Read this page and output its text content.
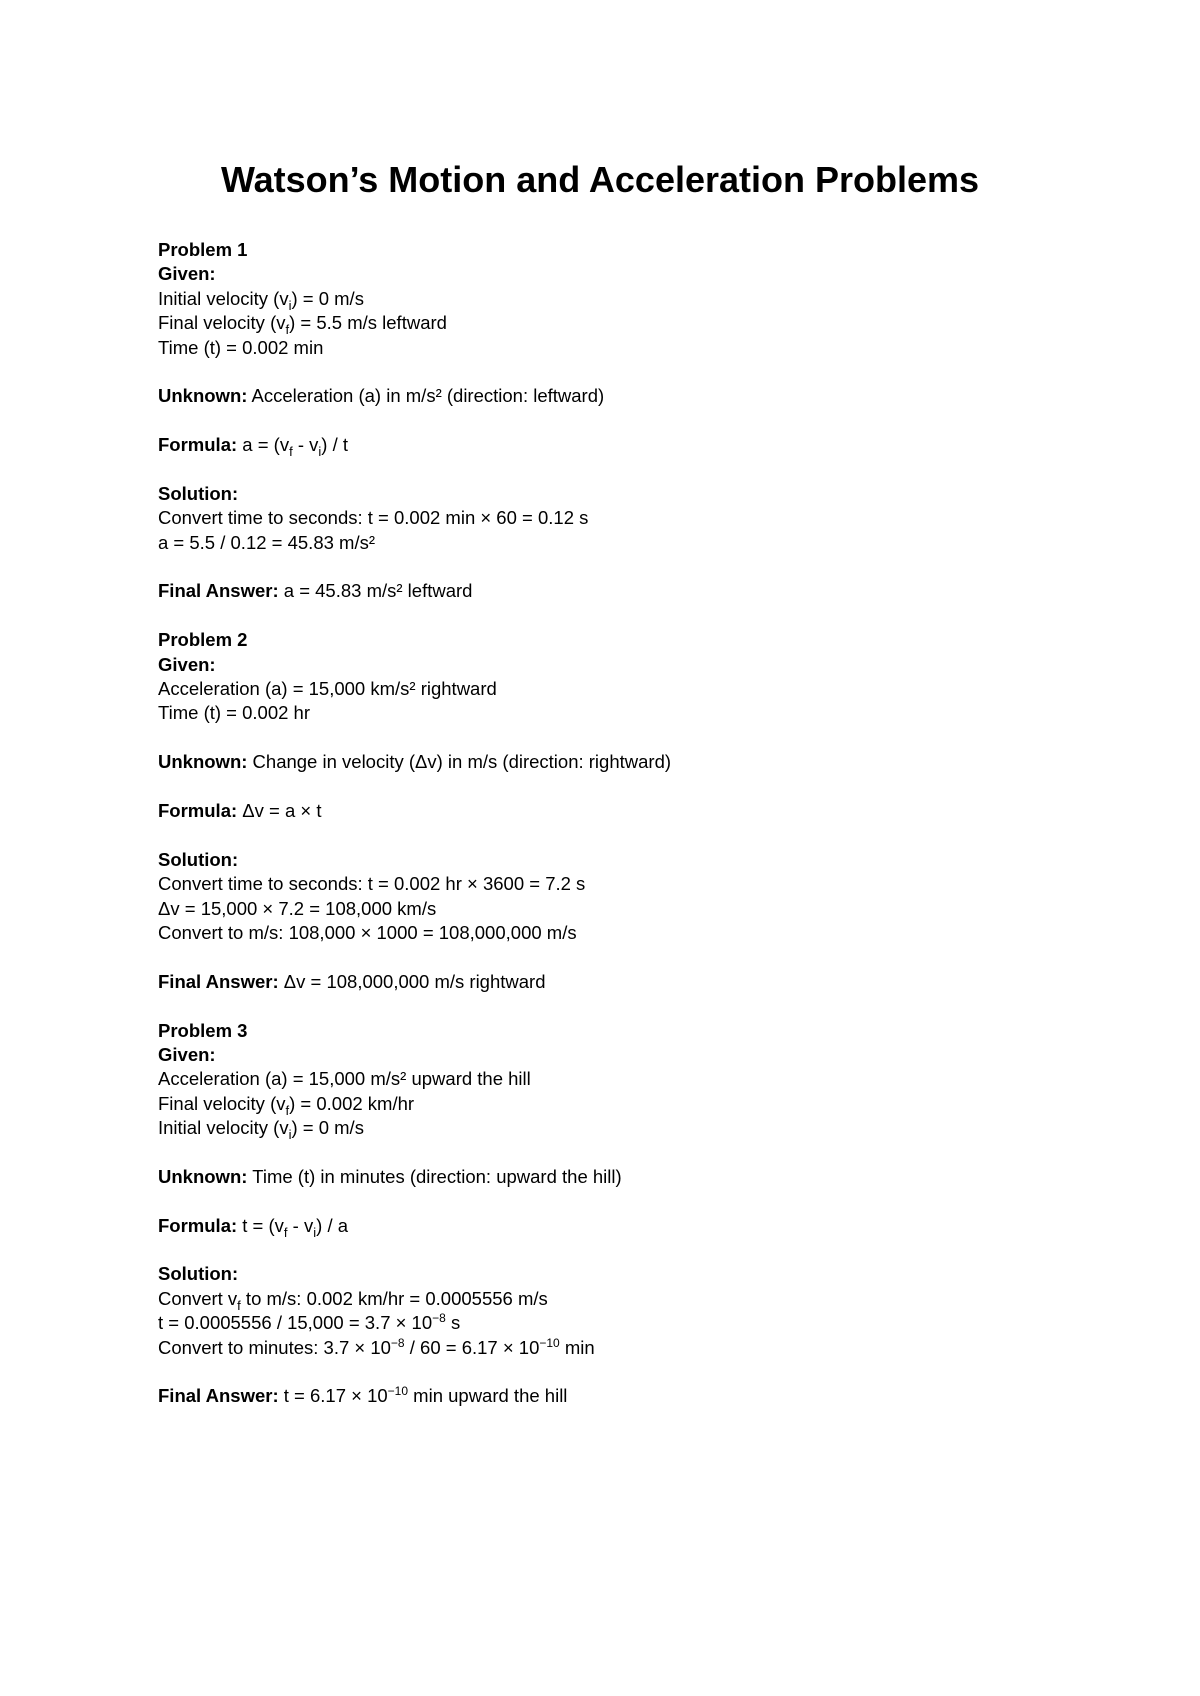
Watson’s Motion and Acceleration Problems
Problem 1
Given:
Initial velocity $(v_i) = 0$ m/s
Final velocity $(v_f) = 5.5$ m/s leftward
Time (t) = 0.002 min
Unknown: Acceleration (a) in m/s² (direction: leftward)
Formula: $a = (v_f - v_i) / t$
Solution:
Convert time to seconds: t = 0.002 min × 60 = 0.12 s
a = 5.5 / 0.12 = 45.83 m/s²
Final Answer: a = 45.83 m/s² leftward
Problem 2
Given:
Acceleration (a) = 15,000 km/s² rightward
Time (t) = 0.002 hr
Unknown: Change in velocity (Δv) in m/s (direction: rightward)
Formula: Δv = a × t
Solution:
Convert time to seconds: t = 0.002 hr × 3600 = 7.2 s
Δv = 15,000 × 7.2 = 108,000 km/s
Convert to m/s: 108,000 × 1000 = 108,000,000 m/s
Final Answer: Δv = 108,000,000 m/s rightward
Problem 3
Given:
Acceleration (a) = 15,000 m/s² upward the hill
Final velocity $(v_f) = 0.002$ km/hr
Initial velocity $(v_i) = 0$ m/s
Unknown: Time (t) in minutes (direction: upward the hill)
Formula: $t = (v_f - v_i) / a$
Solution:
Convert $v_f$ to m/s: 0.002 km/hr = 0.0005556 m/s
$t = 0.0005556 / 15,000 = 3.7 \times 10^{-8}$ s
Convert to minutes: $3.7 \times 10^{-8} / 60 = 6.17 \times 10^{-10}$ min
Final Answer: $t = 6.17 \times 10^{-10}$ min upward the hill
